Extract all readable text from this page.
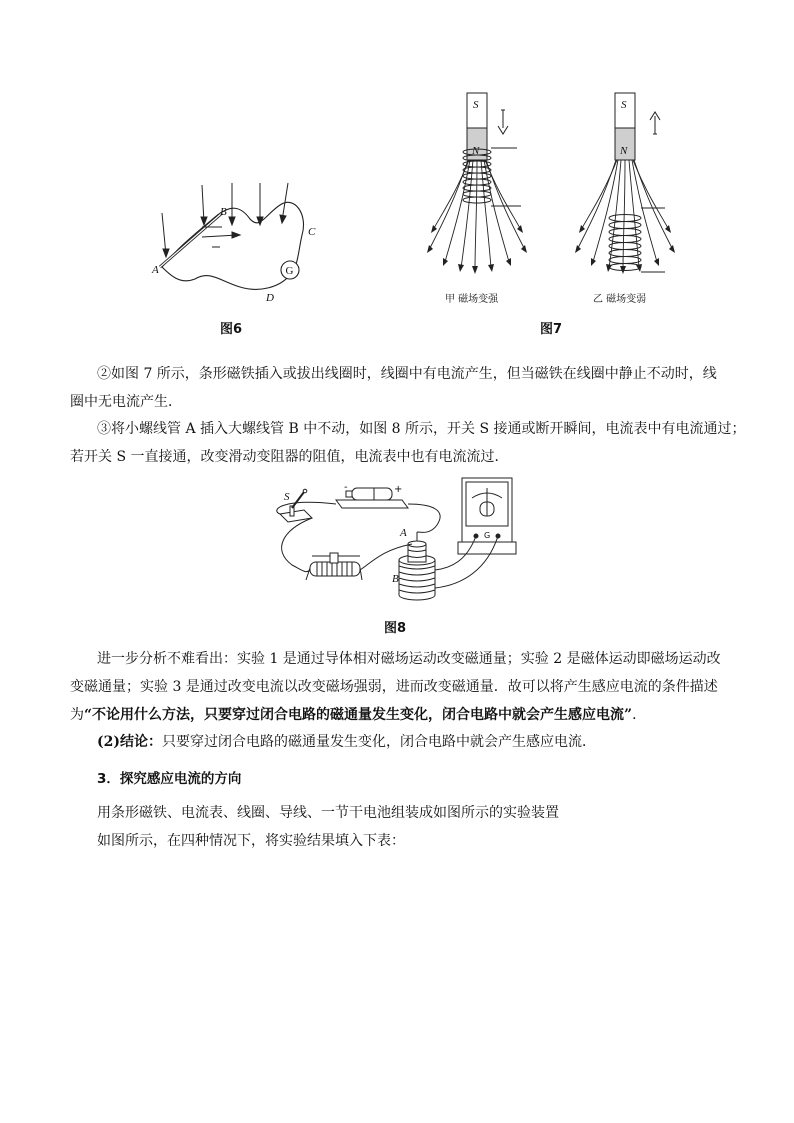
G
A
B
C
D
图6
S
N
甲 磁场变强
S
N
乙 磁场变弱
图7
②如图 7 所示，条形磁铁插入或拔出线圈时，线圈中有电流产生，但当磁铁在线圈中静止不动时，线
圈中无电流产生．
③将小螺线管 A 插入大螺线管 B 中不动，如图 8 所示，开关 S 接通或断开瞬间，电流表中有电流通过；
若开关 S 一直接通，改变滑动变阻器的阻值，电流表中也有电流流过．
S
-	+
A
B
G
图8
进一步分析不难看出：实验 1 是通过导体相对磁场运动改变磁通量；实验 2 是磁体运动即磁场运动改
变磁通量；实验 3 是通过改变电流以改变磁场强弱，进而改变磁通量．故可以将产生感应电流的条件描述
为“不论用什么方法，只要穿过闭合电路的磁通量发生变化，闭合电路中就会产生感应电流”．
(2)结论：只要穿过闭合电路的磁通量发生变化，闭合电路中就会产生感应电流．
3．探究感应电流的方向
用条形磁铁、电流表、线圈、导线、一节干电池组装成如图所示的实验装置
如图所示，在四种情况下，将实验结果填入下表：
